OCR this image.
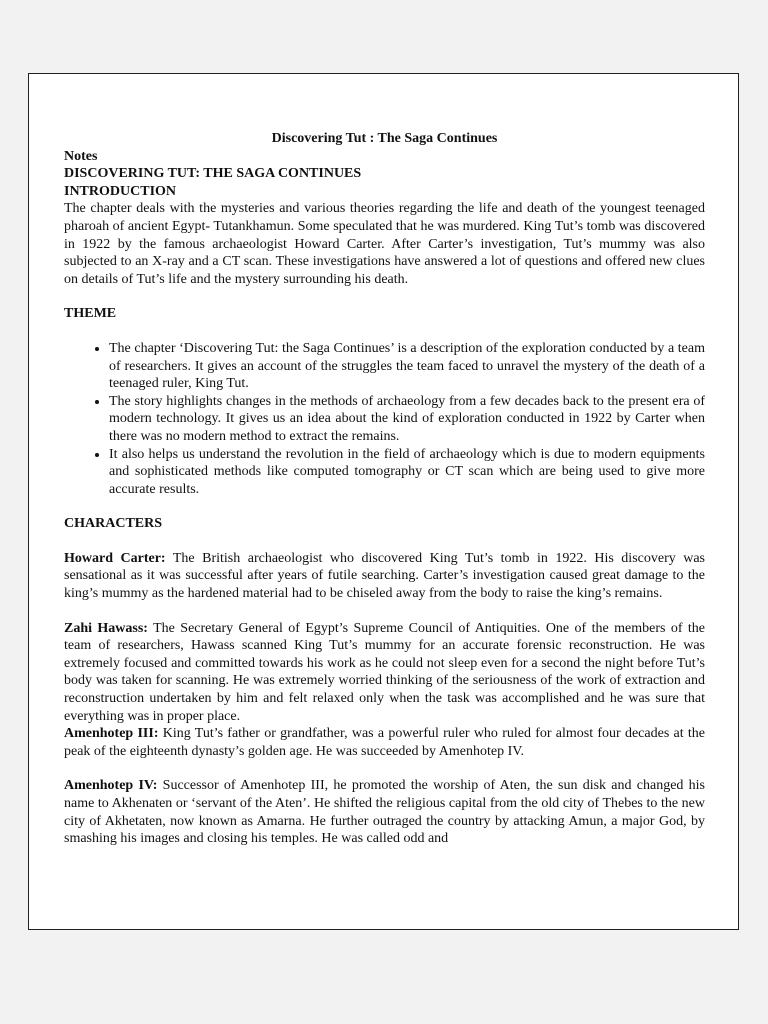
Discovering Tut : The Saga Continues
Notes
DISCOVERING TUT: THE SAGA CONTINUES
INTRODUCTION

The chapter deals with the mysteries and various theories regarding the life and death of the youngest teenaged pharoah of ancient Egypt- Tutankhamun. Some speculated that he was murdered. King Tut’s tomb was discovered in 1922 by the famous archaeologist Howard Carter. After Carter’s investigation, Tut’s mummy was also subjected to an X-ray and a CT scan. These investigations have answered a lot of questions and offered new clues on details of Tut’s life and the mystery surrounding his death.

THEME
• The chapter ‘Discovering Tut: the Saga Continues’ is a description of the exploration conducted by a team of researchers. It gives an account of the struggles the team faced to unravel the mystery of the death of a teenaged ruler, King Tut.
• The story highlights changes in the methods of archaeology from a few decades back to the present era of modern technology. It gives us an idea about the kind of exploration conducted in 1922 by Carter when there was no modern method to extract the remains.
• It also helps us understand the revolution in the field of archaeology which is due to modern equipments and sophisticated methods like computed tomography or CT scan which are being used to give more accurate results.
CHARACTERS

Howard Carter: The British archaeologist who discovered King Tut’s tomb in 1922. His discovery was sensational as it was successful after years of futile searching. Carter’s investigation caused great damage to the king’s mummy as the hardened material had to be chiseled away from the body to raise the king’s remains.

Zahi Hawass: The Secretary General of Egypt’s Supreme Council of Antiquities. One of the members of the team of researchers, Hawass scanned King Tut’s mummy for an accurate forensic reconstruction. He was extremely focused and committed towards his work as he could not sleep even for a second the night before Tut’s body was taken for scanning. He was extremely worried thinking of the seriousness of the work of extraction and reconstruction undertaken by him and felt relaxed only when the task was accomplished and he was sure that everything was in proper place.

Amenhotep III: King Tut’s father or grandfather, was a powerful ruler who ruled for almost four decades at the peak of the eighteenth dynasty’s golden age. He was succeeded by Amenhotep IV.

Amenhotep IV: Successor of Amenhotep III, he promoted the worship of Aten, the sun disk and changed his name to Akhenaten or ‘servant of the Aten’. He shifted the religious capital from the old city of Thebes to the new city of Akhetaten, now known as Amarna. He further outraged the country by attacking Amun, a major God, by smashing his images and closing his temples. He was called odd and
